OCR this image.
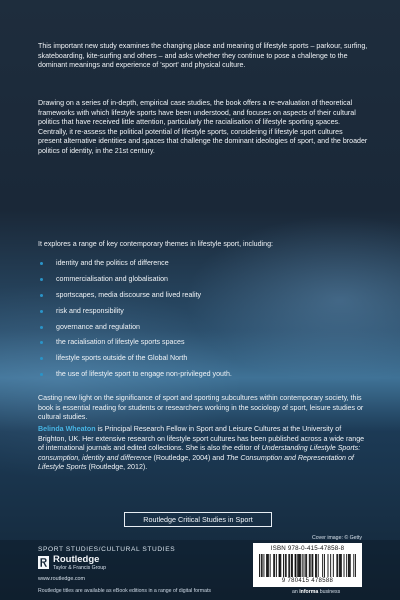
This important new study examines the changing place and meaning of lifestyle sports – parkour, surfing, skateboarding, kite-surfing and others – and asks whether they continue to pose a challenge to the dominant meanings and experience of 'sport' and physical culture.

Drawing on a series of in-depth, empirical case studies, the book offers a re-evaluation of theoretical frameworks with which lifestyle sports have been understood, and focuses on aspects of their cultural politics that have received little attention, particularly the racialisation of lifestyle sporting spaces. Centrally, it re-assess the political potential of lifestyle sports, considering if lifestyle sport cultures present alternative identities and spaces that challenge the dominant ideologies of sport, and the broader politics of identity, in the 21st century.

It explores a range of key contemporary themes in lifestyle sport, including:

identity and the politics of difference
commercialisation and globalisation
sportscapes, media discourse and lived reality
risk and responsibility
governance and regulation
the racialisation of lifestyle sports spaces
lifestyle sports outside of the Global North
the use of lifestyle sport to engage non-privileged youth.

Casting new light on the significance of sport and sporting subcultures within contemporary society, this book is essential reading for students or researchers working in the sociology of sport, leisure studies or cultural studies.

Belinda Wheaton is Principal Research Fellow in Sport and Leisure Cultures at the University of Brighton, UK. Her extensive research on lifestyle sport cultures has been published across a wide range of international journals and edited collections. She is also the editor of Understanding Lifestyle Sports: consumption, identity and difference (Routledge, 2004) and The Consumption and Representation of Lifestyle Sports (Routledge, 2012).

Routledge Critical Studies in Sport
SPORT STUDIES/CULTURAL STUDIES
Routledge
Taylor & Francis Group
www.routledge.com
Routledge titles are available as eBook editions in a range of digital formats
Cover image: © Getty
ISBN 978-0-415-47858-8
9 780415 478588
an informa business
